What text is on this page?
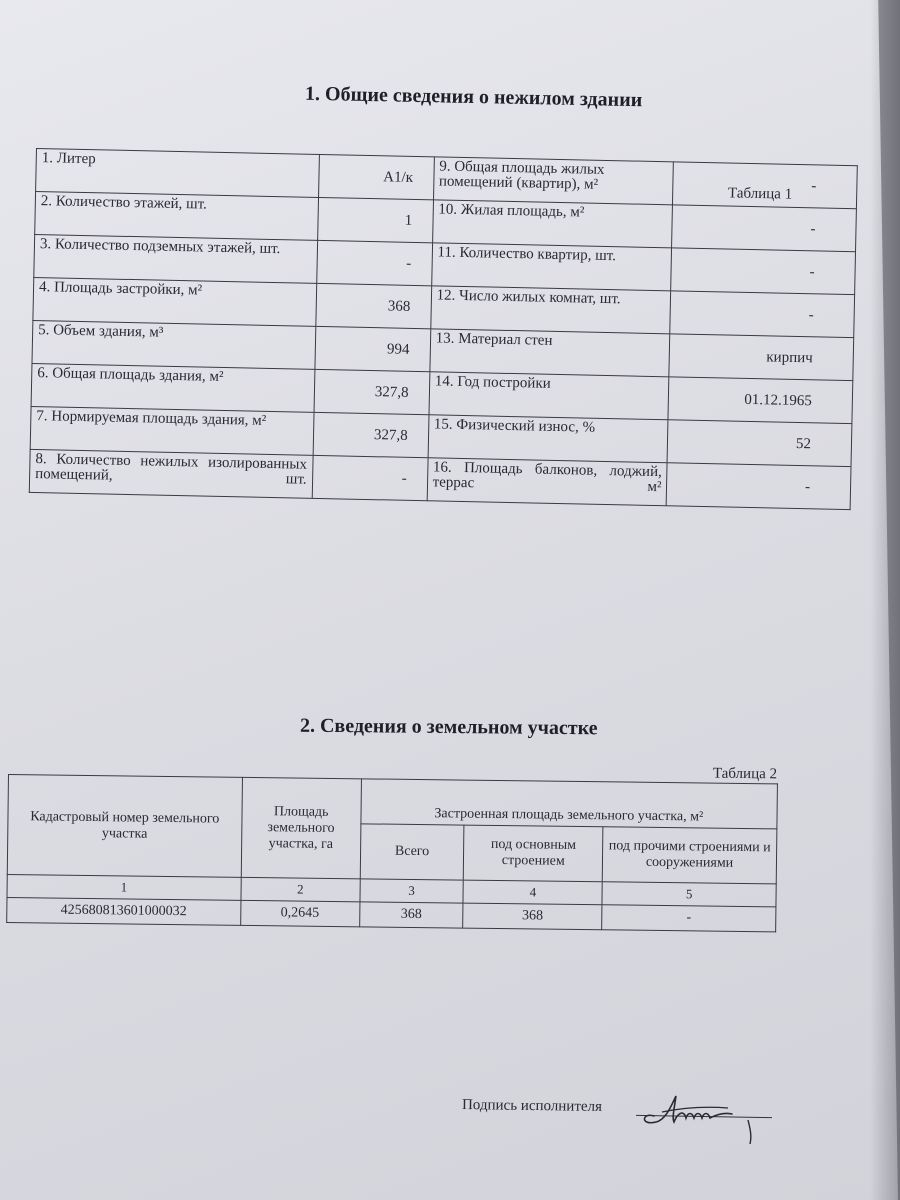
1. Общие сведения о нежилом здании
Таблица 1
1. Литер	А1/к	9. Общая площадь жилых помещений (квартир), м²	-
2. Количество этажей, шт.	1	10. Жилая площадь, м²	-
3. Количество подземных этажей, шт.	-	11. Количество квартир, шт.	-
4. Площадь застройки, м²	368	12. Число жилых комнат, шт.	-
5. Объем здания, м³	994	13. Материал стен	кирпич
6. Общая площадь здания, м²	327,8	14. Год постройки	01.12.1965
7. Нормируемая площадь здания, м²	327,8	15. Физический износ, %	52
8. Количество нежилых изолированных помещений, шт.	-	16. Площадь балконов, лоджий, террас м²	-
2. Сведения о земельном участке
Кадастровый номер земельного участка	Площадь земельного участка, га	Таблица 2
Застроенная площадь земельного участка, м²		
		Всего	под основным строением	под прочими строениями и сооружениями
1	2	3	4	5
425680813601000032	0,2645	368	368	-
Подпись исполнителя
